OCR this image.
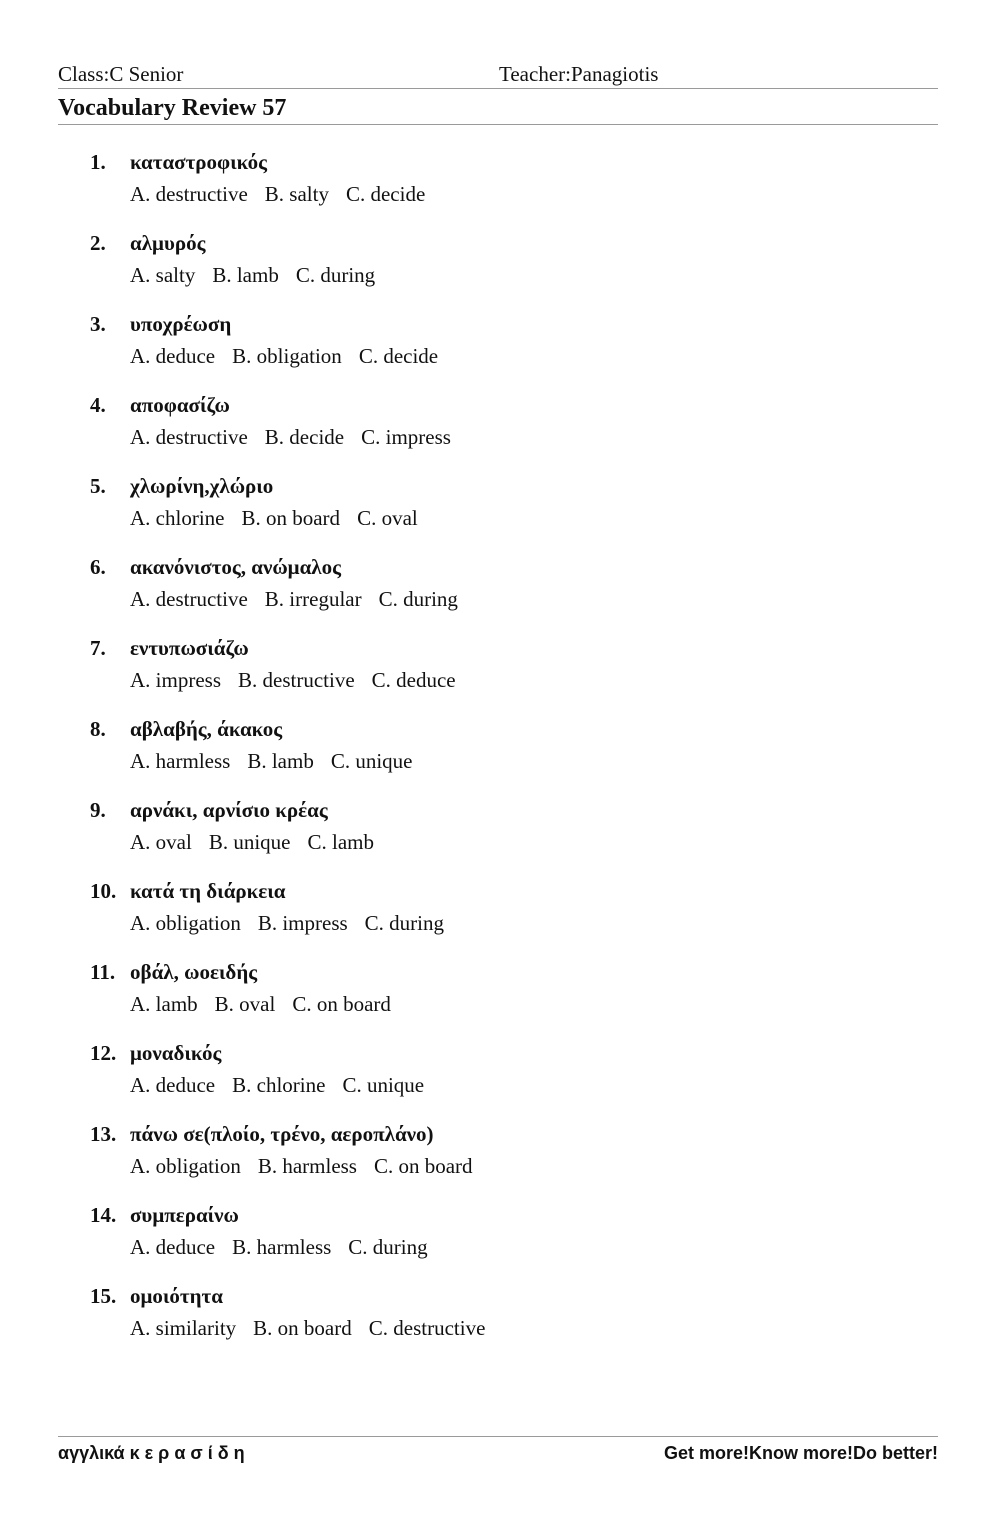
Class:C Senior	Teacher:Panagiotis
Vocabulary Review 57
1. καταστροφικός
A. destructive B. salty C. decide
2. αλμυρός
A. salty B. lamb C. during
3. υποχρέωση
A. deduce B. obligation C. decide
4. αποφασίζω
A. destructive B. decide C. impress
5. χλωρίνη,χλώριο
A. chlorine B. on board C. oval
6. ακανόνιστος, ανώμαλος
A. destructive B. irregular C. during
7. εντυπωσιάζω
A. impress B. destructive C. deduce
8. αβλαβής, άκακος
A. harmless B. lamb C. unique
9. αρνάκι, αρνίσιο κρέας
A. oval B. unique C. lamb
10. κατά τη διάρκεια
A. obligation B. impress C. during
11. οβάλ, ωοειδής
A. lamb B. oval C. on board
12. μοναδικός
A. deduce B. chlorine C. unique
13. πάνω σε(πλοίο, τρένο, αεροπλάνο)
A. obligation B. harmless C. on board
14. συμπεραίνω
A. deduce B. harmless C. during
15. ομοιότητα
A. similarity B. on board C. destructive
αγγλικά κ ε ρ α σ ί δ η	Get more!Know more!Do better!
